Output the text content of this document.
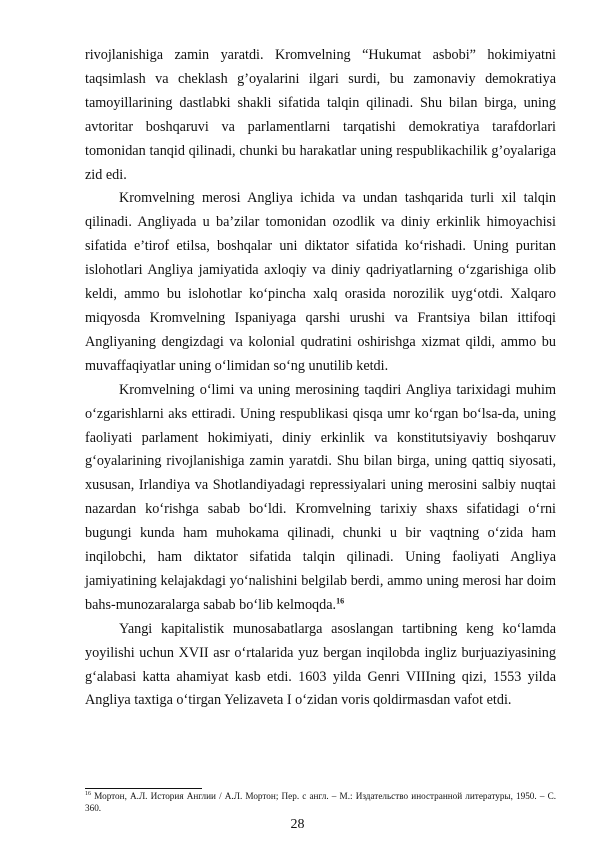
rivojlanishiga zamin yaratdi. Kromvelning “Hukumat asbobi” hokimiyatni taqsimlash va cheklash g’oyalarini ilgari surdi, bu zamonaviy demokratiya tamoyillarining dastlabki shakli sifatida talqin qilinadi. Shu bilan birga, uning avtoritar boshqaruvi va parlamentlarni tarqatishi demokratiya tarafdorlari tomonidan tanqid qilinadi, chunki bu harakatlar uning respublikachilik g’oyalariga zid edi.

Kromvelning merosi Angliya ichida va undan tashqarida turli xil talqin qilinadi. Angliyada u ba’zilar tomonidan ozodlik va diniy erkinlik himoyachisi sifatida e’tirof etilsa, boshqalar uni diktator sifatida ko‘rishadi. Uning puritan islohotlari Angliya jamiyatida axloqiy va diniy qadriyatlarning o‘zgarishiga olib keldi, ammo bu islohotlar ko‘pincha xalq orasida norozilik uyg‘otdi. Xalqaro miqyosda Kromvelning Ispaniyaga qarshi urushi va Frantsiya bilan ittifoqi Angliyaning dengizdagi va kolonial qudratini oshirishga xizmat qildi, ammo bu muvaffaqiyatlar uning o‘limidan so‘ng unutilib ketdi.

Kromvelning o‘limi va uning merosining taqdiri Angliya tarixidagi muhim o‘zgarishlarni aks ettiradi. Uning respublikasi qisqa umr ko‘rgan bo‘lsa-da, uning faoliyati parlament hokimiyati, diniy erkinlik va konstitutsiyaviy boshqaruv g‘oyalarining rivojlanishiga zamin yaratdi. Shu bilan birga, uning qattiq siyosati, xususan, Irlandiya va Shotlandiyadagi repressiyalari uning merosini salbiy nuqtai nazardan ko‘rishga sabab bo‘ldi. Kromvelning tarixiy shaxs sifatidagi o‘rni bugungi kunda ham muhokama qilinadi, chunki u bir vaqtning o‘zida ham inqilobchi, ham diktator sifatida talqin qilinadi. Uning faoliyati Angliya jamiyatining kelajakdagi yo‘nalishini belgilab berdi, ammo uning merosi har doim bahs-munozaralarga sabab bo‘lib kelmoqda.$^{16}$

Yangi kapitalistik munosabatlarga asoslangan tartibning keng ko‘lamda yoyilishi uchun XVII asr o‘rtalarida yuz bergan inqilobda ingliz burjuaziyasining g‘alabasi katta ahamiyat kasb etdi. 1603 yilda Genri VIIIning qizi, 1553 yilda Angliya taxtiga o‘tirgan Yelizaveta I o‘zidan voris qoldirmasdan vafot etdi.

$^{16}$ Мортон, А.Л. История Англии / А.Л. Мортон; Пер. с англ. – М.: Издательство иностранной литературы, 1950. – С. 360.
28
